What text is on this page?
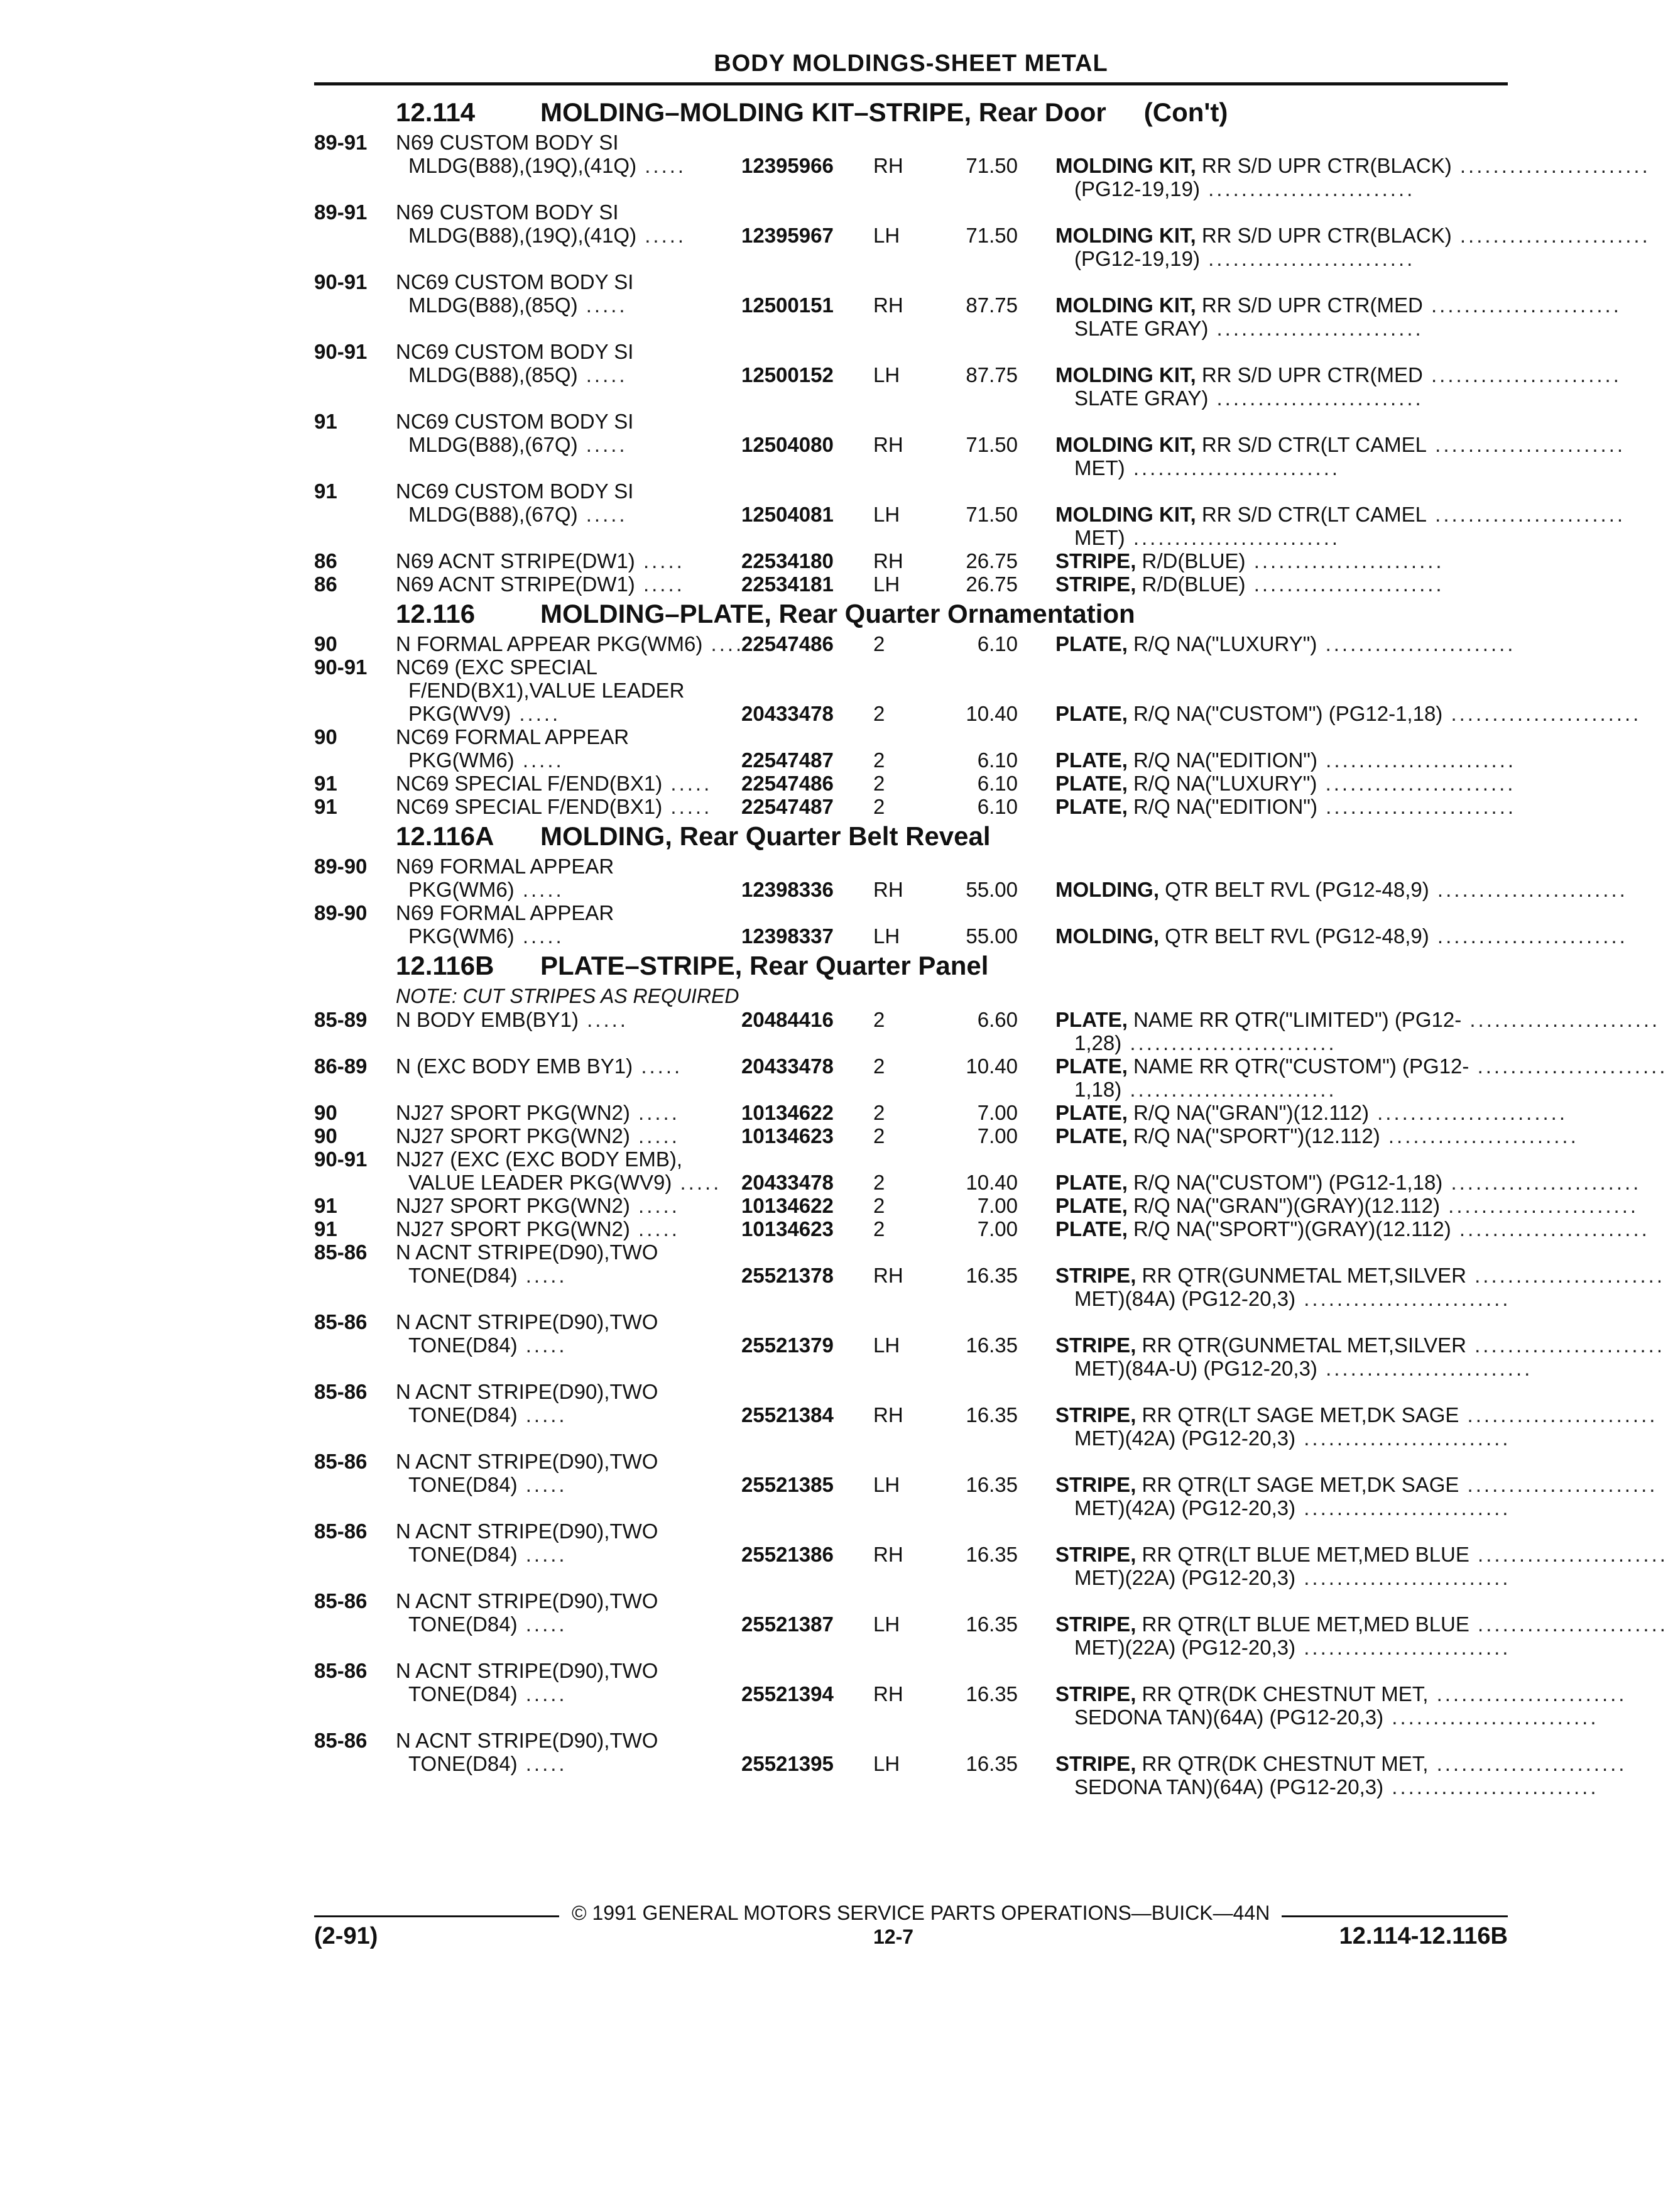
BODY MOLDINGS-SHEET METAL
12.114 MOLDING–MOLDING KIT–STRIPE, Rear Door (Con't)
89-91 N69 CUSTOM BODY SI
MLDG(B88),(19Q),(41Q) .....	12395966 RH	71.50 MOLDING KIT, RR S/D UPR CTR(BLACK) .......................
(PG12-19,19) .........................
89-91 N69 CUSTOM BODY SI
MLDG(B88),(19Q),(41Q) .....	12395967 LH	71.50 MOLDING KIT, RR S/D UPR CTR(BLACK) .......................
(PG12-19,19) .........................
90-91 NC69 CUSTOM BODY SI
MLDG(B88),(85Q) .....	12500151 RH	87.75 MOLDING KIT, RR S/D UPR CTR(MED .......................
SLATE GRAY) .........................
90-91 NC69 CUSTOM BODY SI
MLDG(B88),(85Q) .....	12500152 LH	87.75 MOLDING KIT, RR S/D UPR CTR(MED .......................
SLATE GRAY) .........................
91	NC69 CUSTOM BODY SI
MLDG(B88),(67Q) .....	12504080 RH	71.50 MOLDING KIT, RR S/D CTR(LT CAMEL .......................
MET) .........................
91	NC69 CUSTOM BODY SI
MLDG(B88),(67Q) .....	12504081 LH	71.50 MOLDING KIT, RR S/D CTR(LT CAMEL .......................
MET) .........................
86	N69 ACNT STRIPE(DW1) .....	22534180 RH	26.75 STRIPE, R/D(BLUE) .......................
86	N69 ACNT STRIPE(DW1) .....	22534181 LH	26.75 STRIPE, R/D(BLUE) .......................
12.116 MOLDING–PLATE, Rear Quarter Ornamentation
90	N FORMAL APPEAR PKG(WM6) .....
22547486 2	6.10 PLATE, R/Q NA("LUXURY") .......................
90-91 NC69 (EXC SPECIAL
F/END(BX1),VALUE LEADER
PKG(WV9) .....	20433478 2	10.40 PLATE, R/Q NA("CUSTOM") (PG12-1,18) .......................
90	NC69 FORMAL APPEAR
PKG(WM6) .....	22547487 2	6.10 PLATE, R/Q NA("EDITION") .......................
91	NC69 SPECIAL F/END(BX1) ..... 22547486 2	6.10 PLATE, R/Q NA("LUXURY") .......................
91	NC69 SPECIAL F/END(BX1) ..... 22547487 2	6.10 PLATE, R/Q NA("EDITION") .......................
12.116A MOLDING, Rear Quarter Belt Reveal
89-90 N69 FORMAL APPEAR
PKG(WM6) .....	12398336 RH	55.00 MOLDING, QTR BELT RVL (PG12-48,9) .......................
89-90 N69 FORMAL APPEAR
PKG(WM6) .....	12398337 LH	55.00 MOLDING, QTR BELT RVL (PG12-48,9) .......................
12.116B PLATE–STRIPE, Rear Quarter Panel
NOTE: CUT STRIPES AS REQUIRED
85-89 N BODY EMB(BY1) .....	20484416 2	6.60 PLATE, NAME RR QTR("LIMITED") (PG12- .......................
1,28) .........................
86-89 N (EXC BODY EMB BY1) .....	20433478 2	10.40 PLATE, NAME RR QTR("CUSTOM") (PG12- .......................
1,18) .........................
90	NJ27 SPORT PKG(WN2) .....	10134622 2	7.00 PLATE, R/Q NA("GRAN")(12.112) .......................
90	NJ27 SPORT PKG(WN2) .....	10134623 2	7.00 PLATE, R/Q NA("SPORT")(12.112) .......................
90-91 NJ27 (EXC (EXC BODY EMB),
VALUE LEADER PKG(WV9) ..... 20433478 2	10.40 PLATE, R/Q NA("CUSTOM") (PG12-1,18) .......................
91	NJ27 SPORT PKG(WN2) .....	10134622 2	7.00 PLATE, R/Q NA("GRAN")(GRAY)(12.112) .......................
91	NJ27 SPORT PKG(WN2) .....	10134623 2	7.00 PLATE, R/Q NA("SPORT")(GRAY)(12.112) .......................
85-86 N ACNT STRIPE(D90),TWO
TONE(D84) .....	25521378 RH	16.35 STRIPE, RR QTR(GUNMETAL MET,SILVER .......................
MET)(84A) (PG12-20,3) .........................
85-86 N ACNT STRIPE(D90),TWO
TONE(D84) .....	25521379 LH	16.35 STRIPE, RR QTR(GUNMETAL MET,SILVER .......................
MET)(84A-U) (PG12-20,3) .........................
85-86 N ACNT STRIPE(D90),TWO
TONE(D84) .....	25521384 RH	16.35 STRIPE, RR QTR(LT SAGE MET,DK SAGE .......................
MET)(42A) (PG12-20,3) .........................
85-86 N ACNT STRIPE(D90),TWO
TONE(D84) .....	25521385 LH	16.35 STRIPE, RR QTR(LT SAGE MET,DK SAGE .......................
MET)(42A) (PG12-20,3) .........................
85-86 N ACNT STRIPE(D90),TWO
TONE(D84) .....	25521386 RH	16.35 STRIPE, RR QTR(LT BLUE MET,MED BLUE .......................
MET)(22A) (PG12-20,3) .........................
85-86 N ACNT STRIPE(D90),TWO
TONE(D84) .....	25521387 LH	16.35 STRIPE, RR QTR(LT BLUE MET,MED BLUE .......................
MET)(22A) (PG12-20,3) .........................
85-86 N ACNT STRIPE(D90),TWO
TONE(D84) .....	25521394 RH	16.35 STRIPE, RR QTR(DK CHESTNUT MET, .......................
SEDONA TAN)(64A) (PG12-20,3) .........................
85-86 N ACNT STRIPE(D90),TWO
TONE(D84) .....	25521395 LH	16.35 STRIPE, RR QTR(DK CHESTNUT MET, .......................
SEDONA TAN)(64A) (PG12-20,3) .........................
© 1991 GENERAL MOTORS SERVICE PARTS OPERATIONS—BUICK—44N
(2-91)	12-7	12.114-12.116B
